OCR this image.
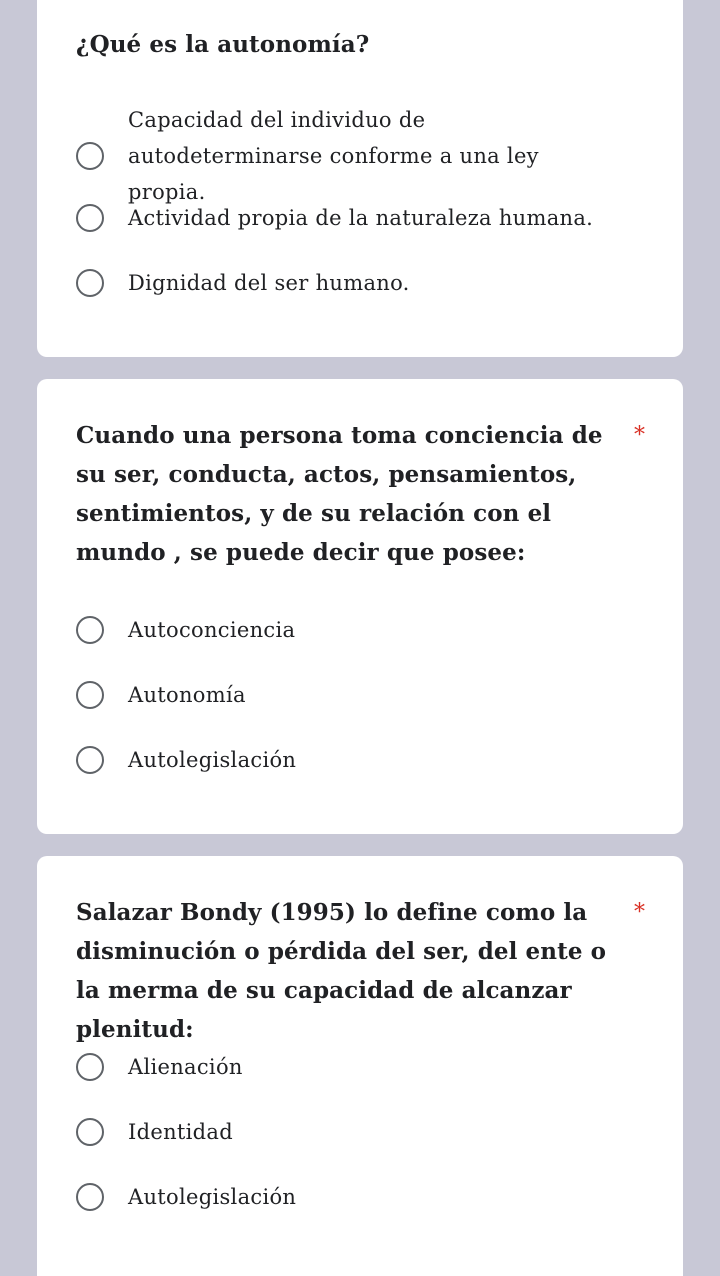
¿Qué es la autonomía?
Capacidad del individuo de autodeterminarse conforme a una ley propia.
Actividad propia de la naturaleza humana.
Dignidad del ser humano.
Cuando una persona toma conciencia de su ser, conducta, actos, pensamientos, sentimientos, y de su relación con el mundo , se puede decir que posee:
*
Autoconciencia
Autonomía
Autolegislación
Salazar Bondy (1995) lo define como la disminución o pérdida del ser, del ente o la merma de su capacidad de alcanzar plenitud:
*
Alienación
Identidad
Autolegislación
